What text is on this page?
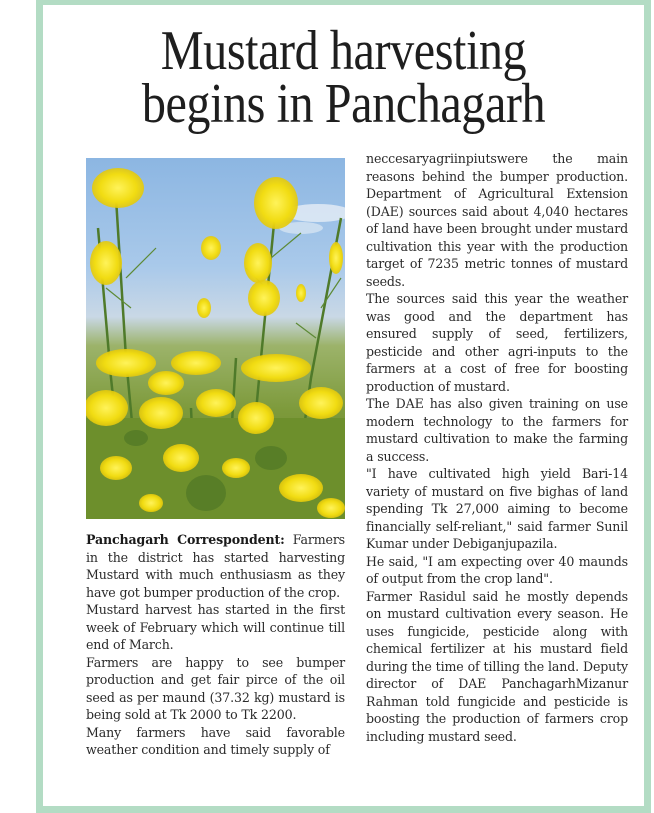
Mustard harvesting
begins in Panchagarh

Panchagarh Correspondent: Farmers in the district has started harvesting Mustard with much enthusiasm as they have got bumper production of the crop.

Mustard harvest has started in the first week of February which will continue till end of March.

Farmers are happy to see bumper production and get fair pirce of the oil seed as per maund (37.32 kg) mustard is being sold at Tk 2000 to Tk 2200.

Many farmers have said favorable weather condition and timely supply of

neccesaryagriinpiutswere the main reasons behind the bumper production. Department of Agricultural Extension (DAE) sources said about 4,040 hectares of land have been brought under mustard cultivation this year with the production target of 7235 metric tonnes of mustard seeds.

The sources said this year the weather was good and the department has ensured supply of seed, fertilizers, pesticide and other agri-inputs to the farmers at a cost of free for boosting production of mustard.

The DAE has also given training on use modern technology to the farmers for mustard cultivation to make the farming a success.

"I have cultivated high yield Bari-14 variety of mustard on five bighas of land spending Tk 27,000 aiming to become financially self-reliant," said farmer Sunil Kumar under Debiganjupazila.

He said, "I am expecting over 40 maunds of output from the crop land".

Farmer Rasidul said he mostly depends on mustard cultivation every season. He uses fungicide, pesticide along with chemical fertilizer at his mustard field during the time of tilling the land. Deputy director of DAE PanchagarhMizanur Rahman told fungicide and pesticide is boosting the production of farmers crop including mustard seed.
